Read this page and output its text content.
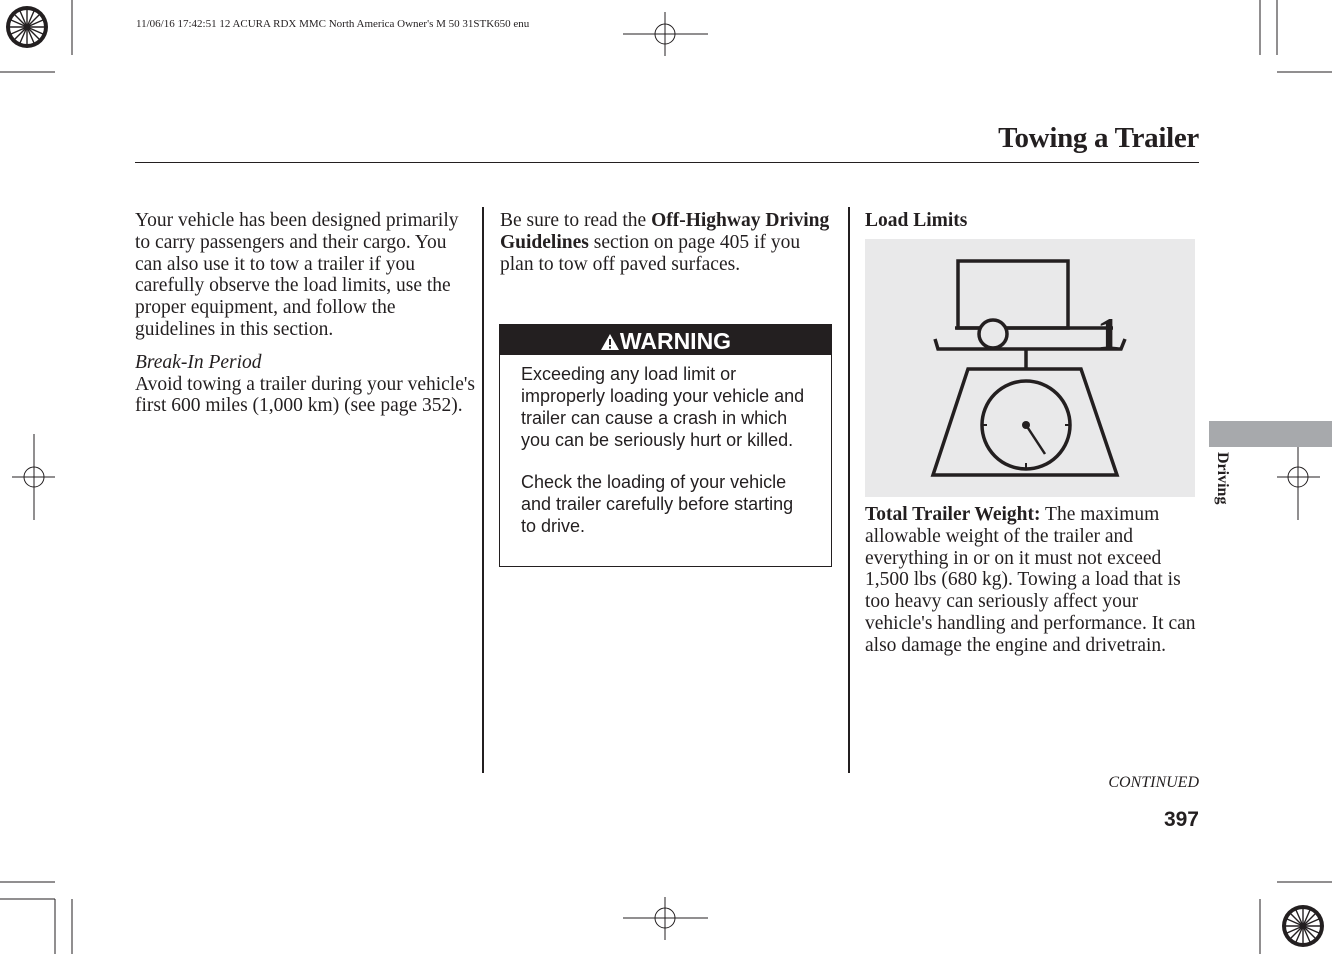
11/06/16 17:42:51 12 ACURA RDX MMC North America Owner's M 50 31STK650 enu
Towing a Trailer

Your vehicle has been designed primarily to carry passengers and their cargo. You can also use it to tow a trailer if you carefully observe the load limits, use the proper equipment, and follow the guidelines in this section.

Break-In Period

Avoid towing a trailer during your vehicle's first 600 miles (1,000 km) (see page 352).

Be sure to read the Off-Highway Driving Guidelines section on page 405 if you plan to tow off paved surfaces.

WARNING

Exceeding any load limit or improperly loading your vehicle and trailer can cause a crash in which you can be seriously hurt or killed.

Check the loading of your vehicle and trailer carefully before starting to drive.

Load Limits

1

Total Trailer Weight: The maximum allowable weight of the trailer and everything in or on it must not exceed 1,500 lbs (680 kg). Towing a load that is too heavy can seriously affect your vehicle's handling and performance. It can also damage the engine and drivetrain.

Driving
CONTINUED
397
